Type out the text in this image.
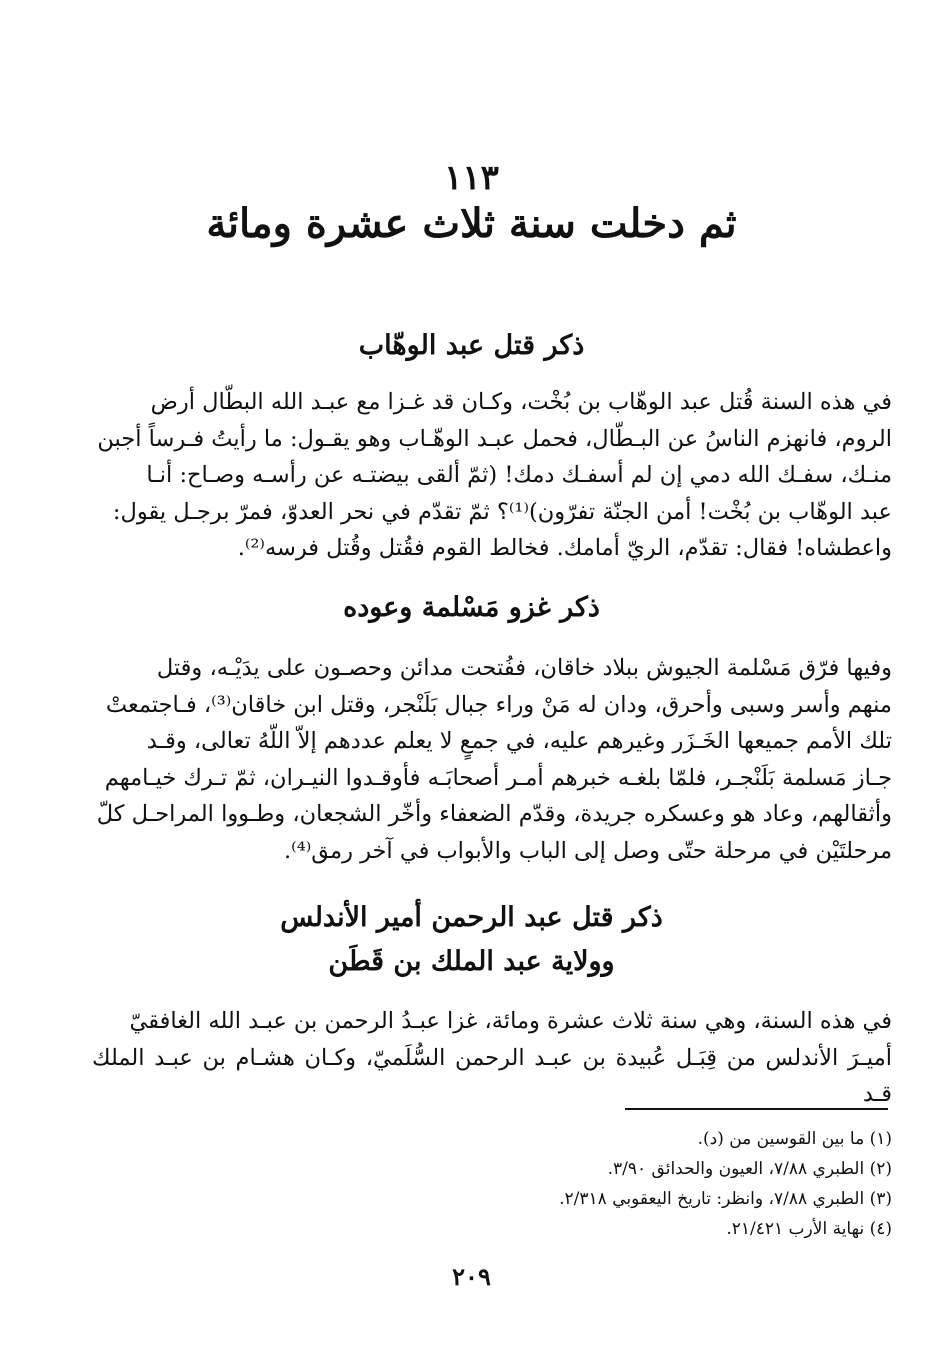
١١٣
ثم دخلت سنة ثلاث عشرة ومائة
ذكر قتل عبد الوهّاب
في هذه السنة قُتل عبد الوهّاب بن بُخْت، وكـان قد غـزا مع عبـد الله البطّال أرض
الروم، فانهزم الناسُ عن البـطّال، فحمل عبـد الوهّـاب وهو يقـول: ما رأيتُ فـرساً أجبن
منـك، سفـك الله دمي إن لم أسفـك دمك! (ثمّ ألقى بيضتـه عن رأسـه وصـاح: أنـا
عبد الوهّاب بن بُخْت! أمن الجنّة تفرّون)⁽¹⁾؟ ثمّ تقدّم في نحر العدوّ، فمرّ برجـل يقول:
واعطشاه! فقال: تقدّم، الريّ أمامك. فخالط القوم فقُتل وقُتل فرسه⁽²⁾.
ذكر غزو مَسْلمة وعوده
وفيها فرّق مَسْلمة الجيوش ببلاد خاقان، ففُتحت مدائن وحصـون على يدَيْـه، وقتل
منهم وأسر وسبى وأحرق، ودان له مَنْ وراء جبال بَلَنْجر، وقتل ابن خاقان⁽³⁾، فـاجتمعتْ
تلك الأمم جميعها الخَـزَر وغيرهم عليه، في جمعٍ لا يعلم عددهم إلاّ اللّهُ تعالى، وقـد
جـاز مَسلمة بَلَنْجـر، فلمّا بلغـه خبرهم أمـر أصحابَـه فأوقـدوا النيـران، ثمّ تـرك خيـامهم
وأثقالهم، وعاد هو وعسكره جريدة، وقدّم الضعفاء وأخّر الشجعان، وطـووا المراحـل كلّ
مرحلتَيْن في مرحلة حتّى وصل إلى الباب والأبواب في آخر رمق⁽⁴⁾.
ذكر قتل عبد الرحمن أمير الأندلس
وولاية عبد الملك بن قَطَن
في هذه السنة، وهي سنة ثلاث عشرة ومائة، غزا عبـدُ الرحمن بن عبـد الله الغافقيّ
أميـرَ الأندلس من قِبَـل عُبيدة بن عبـد الرحمن السُّلَميّ، وكـان هشـام بن عبـد الملك قـد
(١) ما بين القوسين من (د).
(٢) الطبري ٧/٨٨، العيون والحدائق ٣/٩٠.
(٣) الطبري ٧/٨٨، وانظر: تاريخ اليعقوبي ٢/٣١٨.
(٤) نهاية الأرب ٢١/٤٢١.
٢٠٩
